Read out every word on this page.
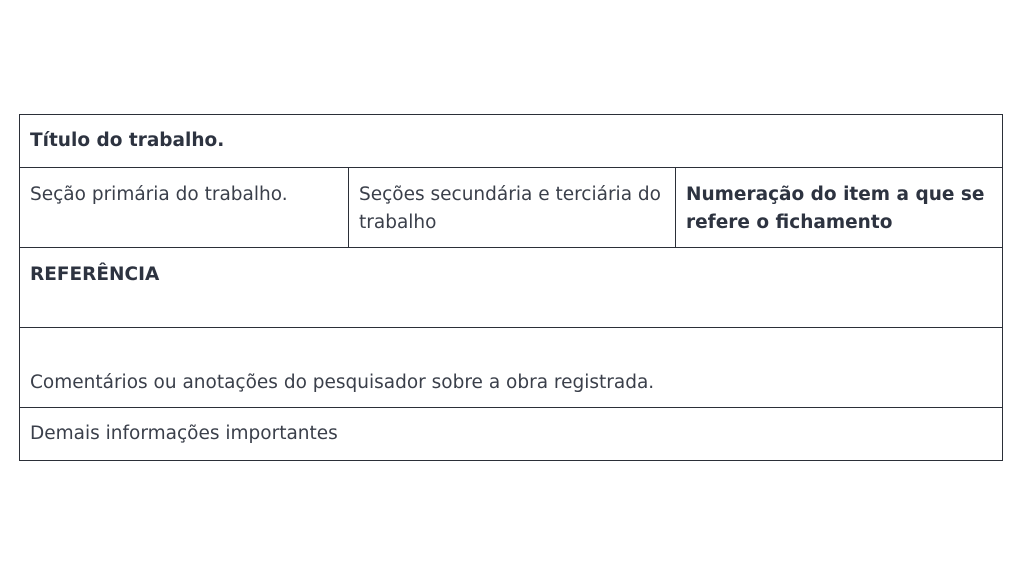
Título do trabalho.
Seção primária do trabalho.	Seções secundária e terciária do trabalho
Numeração do item a que se refere o fichamento
REFERÊNCIA
Comentários ou anotações do pesquisador sobre a obra registrada.
Demais informações importantes
